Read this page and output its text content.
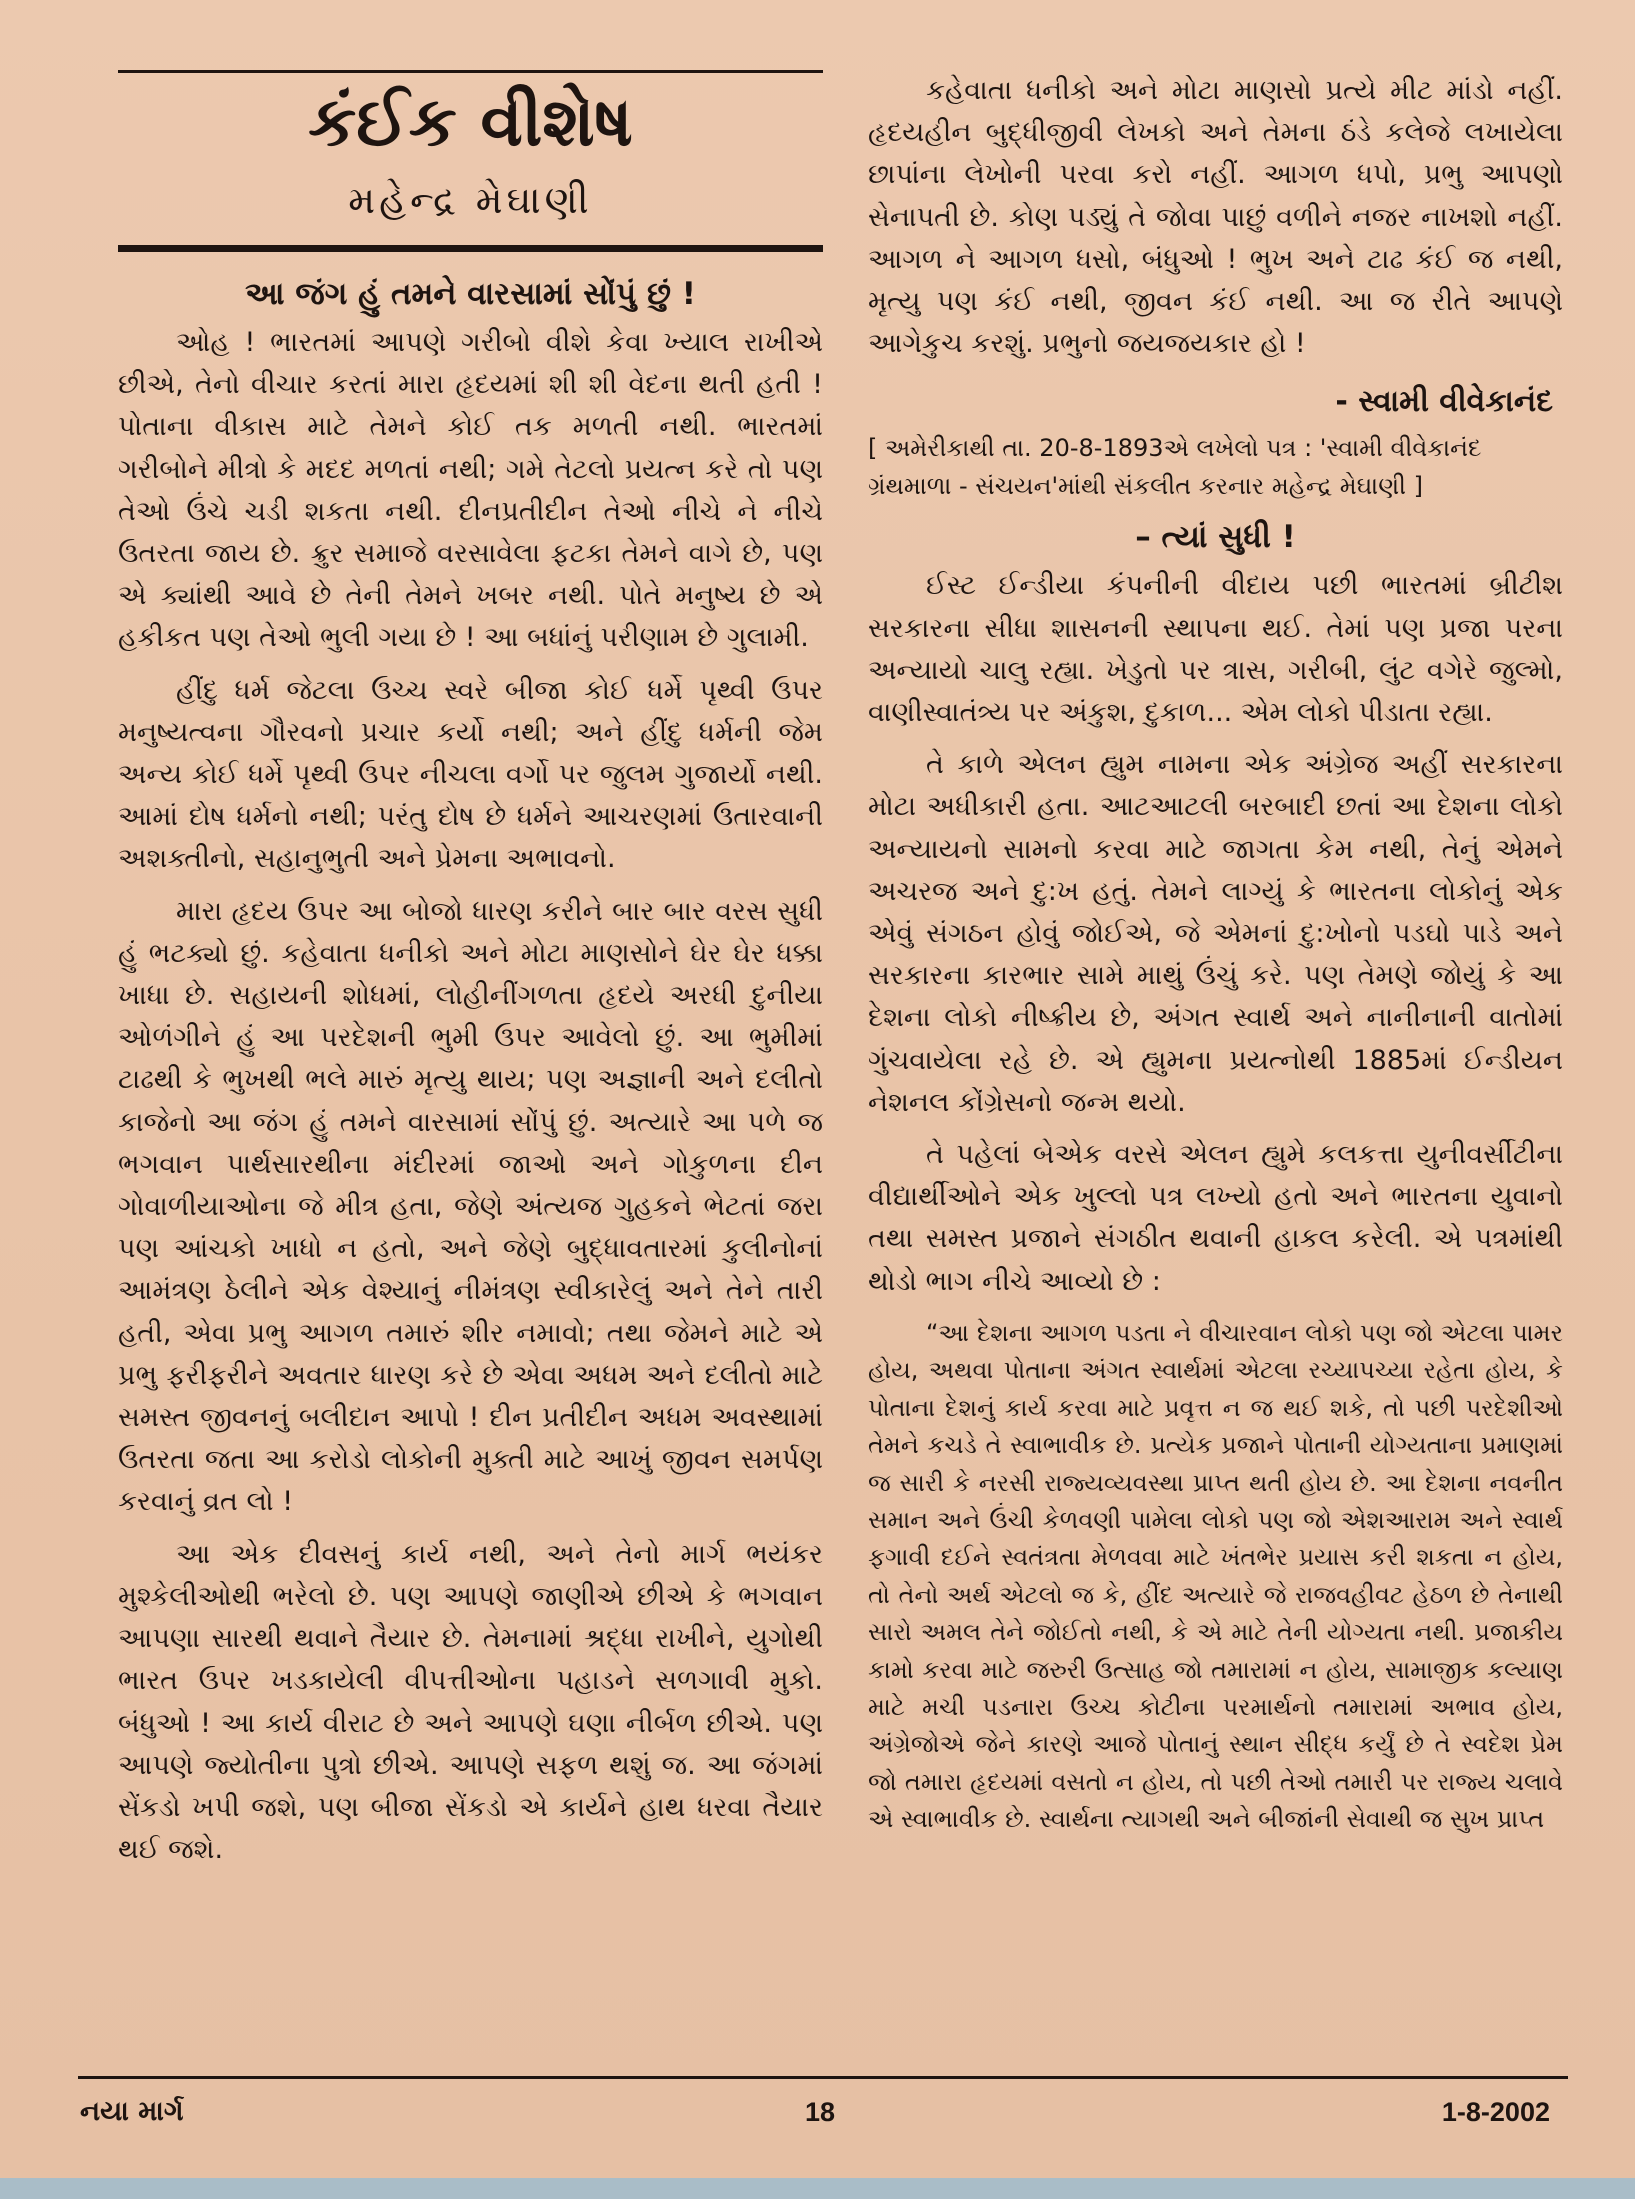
કંઈક વીશેષ
મહેન્દ્ર મેઘાણી
આ જંગ હું તમને વારસામાં સોંપું છું !

ઓહ ! ભારતમાં આપણે ગરીબો વીશે કેવા ખ્યાલ રાખીએ છીએ, તેનો વીચાર કરતાં મારા હૃદયમાં શી શી વેદના થતી હતી ! પોતાના વીકાસ માટે તેમને કોઈ તક મળતી નથી. ભારતમાં ગરીબોને મીત્રો કે મદદ મળતાં નથી; ગમે તેટલો પ્રયત્ન કરે તો પણ તેઓ ઉંચે ચડી શકતા નથી. દીનપ્રતીદીન તેઓ નીચે ને નીચે ઉતરતા જાય છે. ક્રુર સમાજે વરસાવેલા ફટકા તેમને વાગે છે, પણ એ ક્યાંથી આવે છે તેની તેમને ખબર નથી. પોતે મનુષ્ય છે એ હકીકત પણ તેઓ ભુલી ગયા છે ! આ બધાંનું પરીણામ છે ગુલામી.

હીંદુ ધર્મ જેટલા ઉચ્ચ સ્વરે બીજા કોઈ ધર્મે પૃથ્વી ઉપર મનુષ્યત્વના ગૌરવનો પ્રચાર કર્યો નથી; અને હીંદુ ધર્મની જેમ અન્ય કોઈ ધર્મે પૃથ્વી ઉપર નીચલા વર્ગો પર જુલમ ગુજાર્યો નથી. આમાં દોષ ધર્મનો નથી; પરંતુ દોષ છે ધર્મને આચરણમાં ઉતારવાની અશક્તીનો, સહાનુભુતી અને પ્રેમના અભાવનો.

મારા હૃદય ઉપર આ બોજો ધારણ કરીને બાર બાર વરસ સુધી હું ભટક્યો છું. કહેવાતા ધનીકો અને મોટા માણસોને ઘેર ઘેર ધક્કા ખાધા છે. સહાયની શોધમાં, લોહીનીંગળતા હૃદયે અરધી દુનીયા ઓળંગીને હું આ પરદેશની ભુમી ઉપર આવેલો છું. આ ભુમીમાં ટાઢથી કે ભુખથી ભલે મારું મૃત્યુ થાય; પણ અજ્ઞાની અને દલીતો કાજેનો આ જંગ હું તમને વારસામાં સોંપું છું. અત્યારે આ પળે જ ભગવાન પાર્થસારથીના મંદીરમાં જાઓ અને ગોકુળના દીન ગોવાળીયાઓના જે મીત્ર હતા, જેણે અંત્યજ ગુહકને ભેટતાં જરા પણ આંચકો ખાધો ન હતો, અને જેણે બુદ્ધાવતારમાં કુલીનોનાં આમંત્રણ ઠેલીને એક વેશ્યાનું નીમંત્રણ સ્વીકારેલું અને તેને તારી હતી, એવા પ્રભુ આગળ તમારું શીર નમાવો; તથા જેમને માટે એ પ્રભુ ફરીફરીને અવતાર ધારણ કરે છે એવા અધમ અને દલીતો માટે સમસ્ત જીવનનું બલીદાન આપો ! દીન પ્રતીદીન અધમ અવસ્થામાં ઉતરતા જતા આ કરોડો લોકોની મુક્તી માટે આખું જીવન સમર્પણ કરવાનું વ્રત લો !

આ એક દીવસનું કાર્ય નથી, અને તેનો માર્ગ ભયંકર મુશ્કેલીઓથી ભરેલો છે. પણ આપણે જાણીએ છીએ કે ભગવાન આપણા સારથી થવાને તૈયાર છે. તેમનામાં શ્રદ્ધા રાખીને, યુગોથી ભારત ઉપર ખડકાયેલી વીપત્તીઓના પહાડને સળગાવી મુકો. બંધુઓ ! આ કાર્ય વીરાટ છે અને આપણે ઘણા નીર્બળ છીએ. પણ આપણે જ્યોતીના પુત્રો છીએ. આપણે સફળ થશું જ. આ જંગમાં સેંકડો ખપી જશે, પણ બીજા સેંકડો એ કાર્યને હાથ ધરવા તૈયાર થઈ જશે.

કહેવાતા ધનીકો અને મોટા માણસો પ્રત્યે મીટ માંડો નહીં. હૃદયહીન બુદ્ધીજીવી લેખકો અને તેમના ઠંડે કલેજે લખાયેલા છાપાંના લેખોની પરવા કરો નહીં. આગળ ધપો, પ્રભુ આપણો સેનાપતી છે. કોણ પડ્યું તે જોવા પાછું વળીને નજર નાખશો નહીં. આગળ ને આગળ ધસો, બંધુઓ ! ભુખ અને ટાઢ કંઈ જ નથી, મૃત્યુ પણ કંઈ નથી, જીવન કંઈ નથી. આ જ રીતે આપણે આગેકુચ કરશું. પ્રભુનો જયજયકાર હો !

- સ્વામી વીવેકાનંદ

[ અમેરીકાથી તા. 20-8-1893એ લખેલો પત્ર : 'સ્વામી વીવેકાનંદ ગ્રંથમાળા - સંચયન'માંથી સંકલીત કરનાર મહેન્દ્ર મેઘાણી ]

– ત્યાં સુધી !

ઈસ્ટ ઈન્ડીયા કંપનીની વીદાય પછી ભારતમાં બ્રીટીશ સરકારના સીધા શાસનની સ્થાપના થઈ. તેમાં પણ પ્રજા પરના અન્યાયો ચાલુ રહ્યા. ખેડુતો પર ત્રાસ, ગરીબી, લુંટ વગેરે જુલ્મો, વાણીસ્વાતંત્ર્ય પર અંકુશ, દુકાળ... એમ લોકો પીડાતા રહ્યા.

તે કાળે એલન હ્યુમ નામના એક અંગ્રેજ અહીં સરકારના મોટા અધીકારી હતા. આટઆટલી બરબાદી છતાં આ દેશના લોકો અન્યાયનો સામનો કરવા માટે જાગતા કેમ નથી, તેનું એમને અચરજ અને દુ:ખ હતું. તેમને લાગ્યું કે ભારતના લોકોનું એક એવું સંગઠન હોવું જોઈએ, જે એમનાં દુ:ખોનો પડઘો પાડે અને સરકારના કારભાર સામે માથું ઉંચું કરે. પણ તેમણે જોયું કે આ દેશના લોકો નીષ્ક્રીય છે, અંગત સ્વાર્થ અને નાનીનાની વાતોમાં ગુંચવાયેલા રહે છે. એ હ્યુમના પ્રયત્નોથી 1885માં ઈન્ડીયન નેશનલ કોંગ્રેસનો જન્મ થયો.

તે પહેલાં બેએક વરસે એલન હ્યુમે કલકત્તા યુનીવર્સીટીના વીદ્યાર્થીઓને એક ખુલ્લો પત્ર લખ્યો હતો અને ભારતના યુવાનો તથા સમસ્ત પ્રજાને સંગઠીત થવાની હાકલ કરેલી. એ પત્રમાંથી થોડો ભાગ નીચે આવ્યો છે :

“આ દેશના આગળ પડતા ને વીચારવાન લોકો પણ જો એટલા પામર હોય, અથવા પોતાના અંગત સ્વાર્થમાં એટલા રચ્યાપચ્યા રહેતા હોય, કે પોતાના દેશનું કાર્ય કરવા માટે પ્રવૃત્ત ન જ થઈ શકે, તો પછી પરદેશીઓ તેમને કચડે તે સ્વાભાવીક છે. પ્રત્યેક પ્રજાને પોતાની યોગ્યતાના પ્રમાણમાં જ સારી કે નરસી રાજ્યવ્યવસ્થા પ્રાપ્ત થતી હોય છે. આ દેશના નવનીત સમાન અને ઉંચી કેળવણી પામેલા લોકો પણ જો એશઆરામ અને સ્વાર્થ ફગાવી દઈને સ્વતંત્રતા મેળવવા માટે ખંતભેર પ્રયાસ કરી શકતા ન હોય, તો તેનો અર્થ એટલો જ કે, હીંદ અત્યારે જે રાજવહીવટ હેઠળ છે તેનાથી સારો અમલ તેને જોઈતો નથી, કે એ માટે તેની યોગ્યતા નથી. પ્રજાકીય કામો કરવા માટે જરુરી ઉત્સાહ જો તમારામાં ન હોય, સામાજીક કલ્યાણ માટે મચી પડનારા ઉચ્ચ કોટીના પરમાર્થનો તમારામાં અભાવ હોય, અંગ્રેજોએ જેને કારણે આજે પોતાનું સ્થાન સીદ્ધ કર્યું છે તે સ્વદેશ પ્રેમ જો તમારા હૃદયમાં વસતો ન હોય, તો પછી તેઓ તમારી પર રાજ્ય ચલાવે એ સ્વાભાવીક છે. સ્વાર્થના ત્યાગથી અને બીજાંની સેવાથી જ સુખ પ્રાપ્ત

નયા માર્ગ	18	1-8-2002
